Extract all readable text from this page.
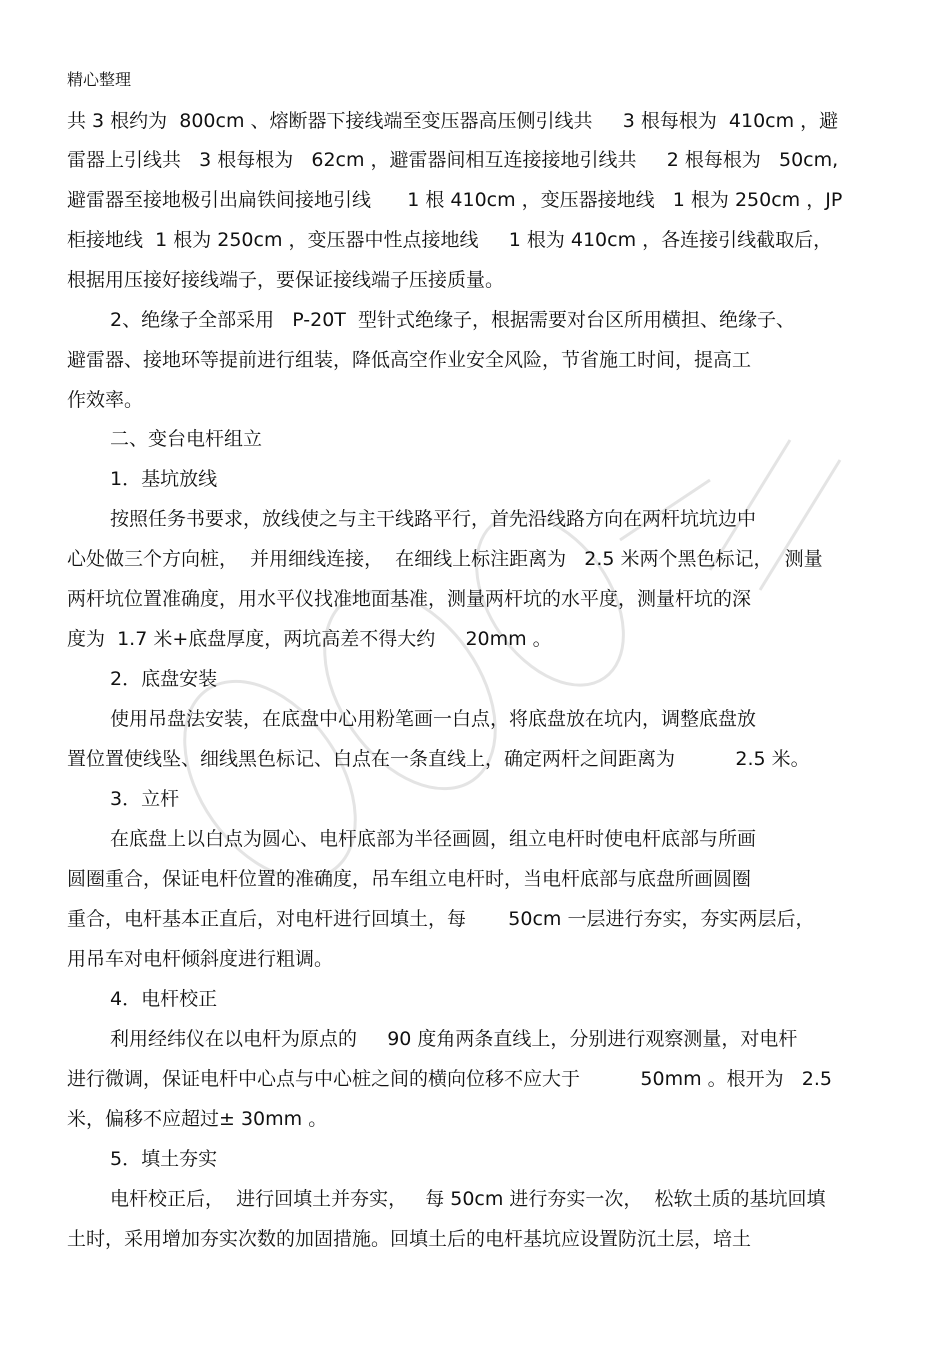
精心整理
共 3 根约为  800cm 、熔断器下接线端至变压器高压侧引线共     3 根每根为  410cm ，避
雷器上引线共   3 根每根为   62cm ，避雷器间相互连接接地引线共     2 根每根为   50cm,
避雷器至接地极引出扁铁间接地引线      1 根 410cm ，变压器接地线   1 根为 250cm ，JP
柜接地线  1 根为 250cm ，变压器中性点接地线     1 根为 410cm ，各连接引线截取后，
根据用压接好接线端子，要保证接线端子压接质量。
2、绝缘子全部采用   P-20T  型针式绝缘子，根据需要对台区所用横担、绝缘子、
避雷器、接地环等提前进行组装，降低高空作业安全风险，节省施工时间，提高工
作效率。
二、变台电杆组立
1．基坑放线
按照任务书要求，放线使之与主干线路平行，首先沿线路方向在两杆坑坑边中
心处做三个方向桩，  并用细线连接，  在细线上标注距离为   2.5 米两个黑色标记，  测量
两杆坑位置准确度，用水平仪找准地面基准，测量两杆坑的水平度，测量杆坑的深
度为  1.7 米+底盘厚度，两坑高差不得大约     20mm 。
2．底盘安装
使用吊盘法安装，在底盘中心用粉笔画一白点，将底盘放在坑内，调整底盘放
置位置使线坠、细线黑色标记、白点在一条直线上，确定两杆之间距离为          2.5 米。
3．立杆
在底盘上以白点为圆心、电杆底部为半径画圆，组立电杆时使电杆底部与所画
圆圈重合，保证电杆位置的准确度，吊车组立电杆时，当电杆底部与底盘所画圆圈
重合，电杆基本正直后，对电杆进行回填土，每       50cm 一层进行夯实，夯实两层后，
用吊车对电杆倾斜度进行粗调。
4．电杆校正
利用经纬仪在以电杆为原点的     90 度角两条直线上，分别进行观察测量，对电杆
进行微调，保证电杆中心点与中心桩之间的横向位移不应大于          50mm 。根开为   2.5
米，偏移不应超过± 30mm 。
5．填土夯实
电杆校正后，  进行回填土并夯实，   每 50cm 进行夯实一次，  松软土质的基坑回填
土时，采用增加夯实次数的加固措施。回填土后的电杆基坑应设置防沉土层，培土
